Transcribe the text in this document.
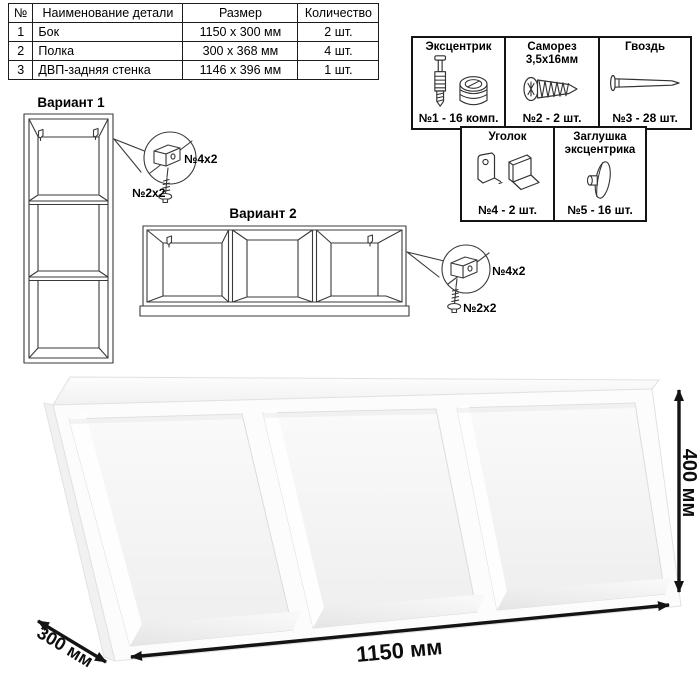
№	Наименование детали	Размер	Количество
1	Бок	1150 х 300 мм	2 шт.
2	Полка	300 х 368 мм	4 шт.
3	ДВП-задняя стенка	1146 х 396 мм	1 шт.
Эксцентрик
№1 - 16 комп.
Саморез
3,5х16мм
№2 - 2 шт.
Гвоздь
№3 - 28 шт.
Уголок
№4 - 2 шт.
Заглушка
эксцентрика
№5 - 16 шт.
Вариант 1
№4х2
№2х2
Вариант 2
№4х2
№2х2
1150 мм
400 мм
300 мм
